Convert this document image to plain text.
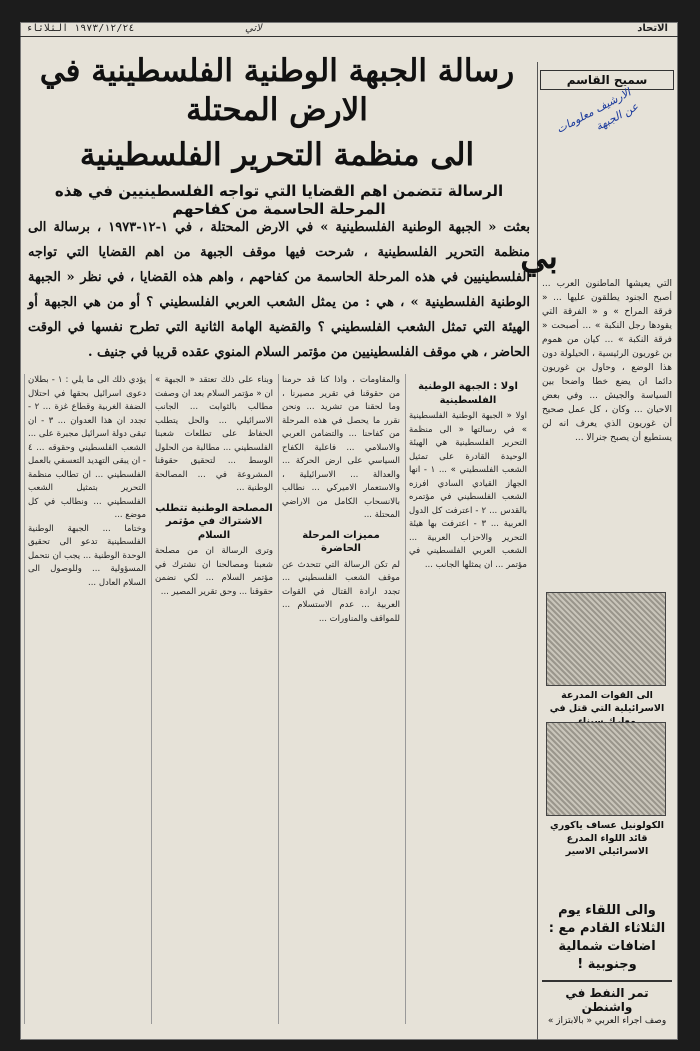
١٩٧٣/١٢/٢٤ الثلاثاء	لاتي	الاتحاد
رسالة الجبهة الوطنية الفلسطينية في الارض المحتلة
الى منظمة التحرير الفلسطينية
الرسالة تتضمن اهم القضايا التي تواجه الفلسطينيين في هذه المرحلة الحاسمة من كفاحهم
بعثت « الجبهة الوطنية الفلسطينية » في الارض المحتلة ، في ١-١٢-١٩٧٣ ، برسالة الى منظمة التحرير الفلسطينية ، شرحت فيها موقف الجبهة من اهم القضايا التي تواجه الفلسطينيين في هذه المرحلة الحاسمة من كفاحهم ، واهم هذه القضايا ، في نظر « الجبهة الوطنية الفلسطينية » ، هي : من يمثل الشعب العربي الفلسطيني ؟ أو من هي الجبهة أو الهيئة التي تمثل الشعب الفلسطيني ؟ والقضية الهامة الثانية التي تطرح نفسها في الوقت الحاضر ، هي موقف الفلسطينيين من مؤتمر السلام المنوي عقده قريبا في جنيف .
سميح القاسم
الارشيف معلومات عن الجبهة
بي
التي يعيشها الماطنون العرب ... أصبح الجنود يطلقون عليها ... « فرقة المراح » و « الفرقة التي يقودها رجل النكبة » ... أصبحت « فرقة النكبة » ... كيان من هموم بن غوريون الرئيسية ، الحيلولة دون هذا الوضع ، وحاول بن غوريون دائما ان يضع خطا واضحا بين السياسة والجيش ... وفي بعض الاحيان ... وكان ، كل عمل صحيح أن غوريون الذي يعرف انه لن يستطيع أن يصبح جنرالا ...
الى القوات المدرعة الاسرائيلية التي قتل في
الكولونيل عساف ياكوري قائد اللواء المدرع الاسرائيلي الاسير
والى اللقاء يوم الثلاثاء القادم مع : اضافات شمالية وجنوبية !
تمر النفط في واشنطن
وصف اجراء العربي « بالابتزاز »
اولا : الجبهة الوطنية الفلسطينية
اولا « الجبهة الوطنية الفلسطينية » في رسالتها « الى منظمة التحرير الفلسطينية هي الهيئة الوحيدة القادرة على تمثيل الشعب الفلسطيني » ... ١ - انها الجهاز القيادي السادي افرزه الشعب الفلسطيني في مؤتمره بالقدس ... ٢ - اعترفت كل الدول العربية ... ٣ - اعترفت بها هيئة التحرير والاحزاب العربية ... الشعب العربي الفلسطيني في مؤتمر ... ان يمثلها الجانب ...
والمقاومات ، واذا كنا قد حرمنا من حقوقنا في تقرير مصيرنا ، وما لحقنا من تشريد ... ونحن نقرر ما يحصل في هذه المرحلة من كفاحنا ... والتضامن العربي والاسلامي ... فاعلية الكفاح السياسي على ارض الحركة ... والعدالة ... الاسرائيلية ، والاستعمار الاميركي ... نطالب بالانسحاب الكامل من الاراضي المحتلة ...
مميزات المرحلة الحاضرة
لم تكن الرسالة التي تتحدث عن موقف الشعب الفلسطيني ... تجدد ارادة القتال في القوات العربية ... عدم الاستسلام ... للمواقف والمناورات ...
وبناء على ذلك تعتقد « الجبهة » ان « مؤتمر السلام بعد ان وصفت مطالب بالثوابت ... الجانب الاسرائيلي ... والحل يتطلب الحفاظ على تطلعات شعبنا الفلسطيني ... مطالبة من الحلول الوسط ... لتحقيق حقوقنا المشروعة في ... المصالحة الوطنية ...
المصلحة الوطنية تتطلب الاشتراك في مؤتمر السلام
وترى الرسالة ان من مصلحة شعبنا ومصالحنا ان نشترك في مؤتمر السلام ... لكي نضمن حقوقنا ... وحق تقرير المصير ...
يؤدي ذلك الى ما يلي : ١ - بطلان دعوى اسرائيل بحقها في احتلال الضفة الغربية وقطاع غزة ... ٢ - تجدد ان هذا العدوان ... ٣ - ان تبقى دولة اسرائيل مجبرة على ... الشعب الفلسطيني وحقوقه ... ٤ - ان يبقى التهديد التعسفي بالعمل الفلسطيني ... ان تطالب منظمة التحرير بتمثيل الشعب الفلسطيني ... ونطالب في كل موضع ...
وختاما ... الجبهة الوطنية الفلسطينية تدعو الى تحقيق الوحدة الوطنية ... يجب ان نتحمل المسؤولية ... وللوصول الى السلام العادل ...
